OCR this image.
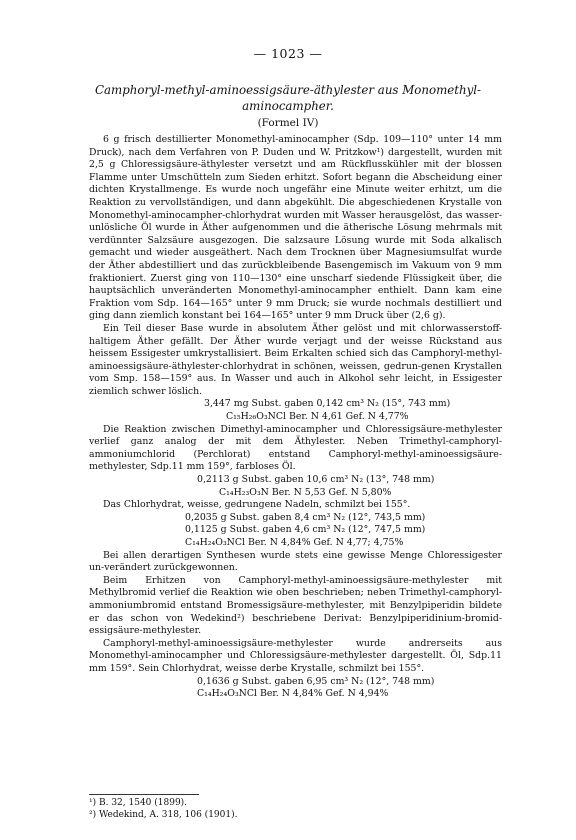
— 1023 —
Camphoryl-methyl-aminoessigsäure-äthylester aus Monomethyl-
aminocampher.
(Formel IV)

6 g frisch destillierter Monomethyl-aminocampher (Sdp. 109—110° unter 14 mm Druck), nach dem Verfahren von P. Duden und W. Pritzkow¹) dargestellt, wurden mit 2,5 g Chloressigsäure-äthylester versetzt und am Rückflusskühler mit der blossen Flamme unter Umschütteln zum Sieden erhitzt. Sofort begann die Abscheidung einer dichten Krystallmenge. Es wurde noch ungefähr eine Minute weiter erhitzt, um die Reaktion zu vervollständigen, und dann abgekühlt. Die abgeschiedenen Krystalle von Monomethyl-aminocampher-chlorhydrat wurden mit Wasser herausgelöst, das wasser-unlösliche Öl wurde in Äther aufgenommen und die ätherische Lösung mehrmals mit verdünnter Salzsäure ausgezogen. Die salzsaure Lösung wurde mit Soda alkalisch gemacht und wieder ausgeäthert. Nach dem Trocknen über Magnesiumsulfat wurde der Äther abdestilliert und das zurückbleibende Basengemisch im Vakuum von 9 mm fraktioniert. Zuerst ging von 110—130° eine unscharf siedende Flüssigkeit über, die hauptsächlich unveränderten Monomethyl-aminocampher enthielt. Dann kam eine Fraktion vom Sdp. 164—165° unter 9 mm Druck; sie wurde nochmals destilliert und ging dann ziemlich konstant bei 164—165° unter 9 mm Druck über (2,6 g).

Ein Teil dieser Base wurde in absolutem Äther gelöst und mit chlorwasserstoff-haltigem Äther gefällt. Der Äther wurde verjagt und der weisse Rückstand aus heissem Essigester umkrystallisiert. Beim Erkalten schied sich das Camphoryl-methyl-aminoessigsäure-äthylester-chlorhydrat in schönen, weissen, gedrun-genen Krystallen vom Smp. 158—159° aus. In Wasser und auch in Alkohol sehr leicht, in Essigester ziemlich schwer löslich.

3,447 mg Subst. gaben 0,142 cm³ N₂ (15°, 743 mm)
C₁₅H₂₆O₃NCl Ber. N 4,61 Gef. N 4,77%

Die Reaktion zwischen Dimethyl-aminocampher und Chloressigsäure-methylester verlief ganz analog der mit dem Äthylester. Neben Trimethyl-camphoryl-ammoniumchlorid (Perchlorat) entstand Camphoryl-methyl-aminoessigsäure-methylester, Sdp.11 mm 159°, farbloses Öl.

0,2113 g Subst. gaben 10,6 cm³ N₂ (13°, 748 mm)
C₁₄H₂₃O₃N Ber. N 5,53 Gef. N 5,80%

Das Chlorhydrat, weisse, gedrungene Nadeln, schmilzt bei 155°.

0,2035 g Subst. gaben 8,4 cm³ N₂ (12°, 743,5 mm)
0,1125 g Subst. gaben 4,6 cm³ N₂ (12°, 747,5 mm)
C₁₄H₂₄O₃NCl Ber. N 4,84% Gef. N 4,77; 4,75%

Bei allen derartigen Synthesen wurde stets eine gewisse Menge Chloressigester un-verändert zurückgewonnen.

Beim Erhitzen von Camphoryl-methyl-aminoessigsäure-methylester mit Methylbromid verlief die Reaktion wie oben beschrieben; neben Trimethyl-camphoryl-ammoniumbromid entstand Bromessigsäure-methylester, mit Benzylpiperidin bildete er das schon von Wedekind²) beschriebene Derivat: Benzylpiperidinium-bromid-essigsäure-methylester.

Camphoryl-methyl-aminoessigsäure-methylester wurde andrerseits aus Monomethyl-aminocampher und Chloressigsäure-methylester dargestellt. Öl, Sdp.11 mm 159°. Sein Chlorhydrat, weisse derbe Krystalle, schmilzt bei 155°.

0,1636 g Subst. gaben 6,95 cm³ N₂ (12°, 748 mm)
C₁₄H₂₄O₃NCl Ber. N 4,84% Gef. N 4,94%
¹) B. 32, 1540 (1899).
²) Wedekind, A. 318, 106 (1901).
